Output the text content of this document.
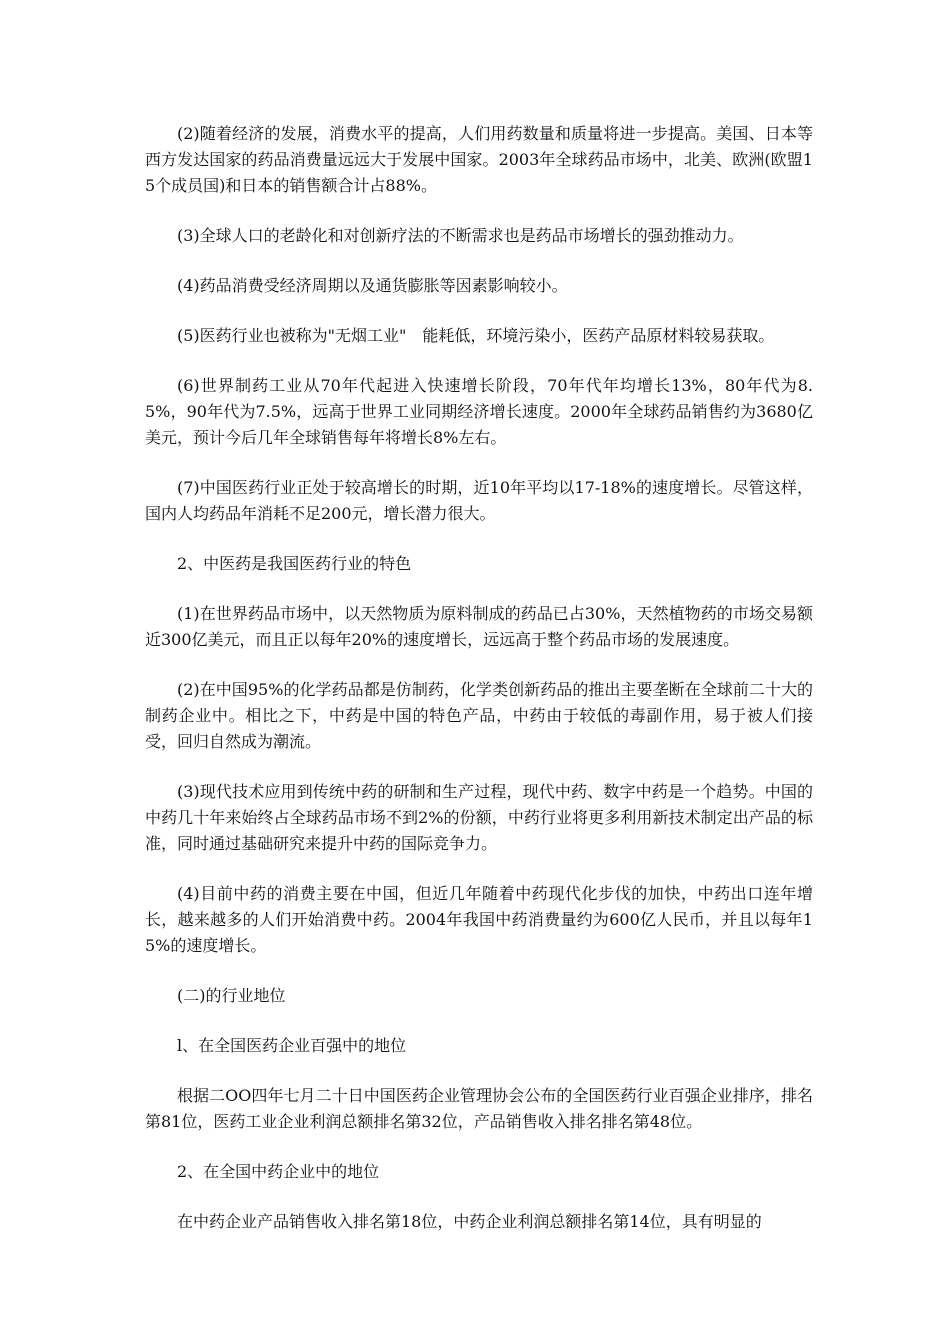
(2)随着经济的发展，消费水平的提高，人们用药数量和质量将进一步提高。美国、日本等西方发达国家的药品消费量远远大于发展中国家。2003年全球药品市场中，北美、欧洲(欧盟15个成员国)和日本的销售额合计占88%。

(3)全球人口的老龄化和对创新疗法的不断需求也是药品市场增长的强劲推动力。

(4)药品消费受经济周期以及通货膨胀等因素影响较小。

(5)医药行业也被称为"无烟工业"　能耗低，环境污染小，医药产品原材料较易获取。

(6)世界制药工业从70年代起进入快速增长阶段，70年代年均增长13%，80年代为8.5%，90年代为7.5%，远高于世界工业同期经济增长速度。2000年全球药品销售约为3680亿美元，预计今后几年全球销售每年将增长8%左右。

(7)中国医药行业正处于较高增长的时期，近10年平均以17-18%的速度增长。尽管这样，国内人均药品年消耗不足200元，增长潜力很大。

2、中医药是我国医药行业的特色

(1)在世界药品市场中，以天然物质为原料制成的药品已占30%，天然植物药的市场交易额近300亿美元，而且正以每年20%的速度增长，远远高于整个药品市场的发展速度。

(2)在中国95%的化学药品都是仿制药，化学类创新药品的推出主要垄断在全球前二十大的制药企业中。相比之下，中药是中国的特色产品，中药由于较低的毒副作用，易于被人们接受，回归自然成为潮流。

(3)现代技术应用到传统中药的研制和生产过程，现代中药、数字中药是一个趋势。中国的中药几十年来始终占全球药品市场不到2%的份额，中药行业将更多利用新技术制定出产品的标准，同时通过基础研究来提升中药的国际竞争力。

(4)目前中药的消费主要在中国，但近几年随着中药现代化步伐的加快，中药出口连年增长，越来越多的人们开始消费中药。2004年我国中药消费量约为600亿人民币，并且以每年15%的速度增长。

(二)的行业地位

l、在全国医药企业百强中的地位

根据二OO四年七月二十日中国医药企业管理协会公布的全国医药行业百强企业排序，排名第81位，医药工业企业利润总额排名第32位，产品销售收入排名排名第48位。

2、在全国中药企业中的地位

在中药企业产品销售收入排名第18位，中药企业利润总额排名第14位，具有明显的
